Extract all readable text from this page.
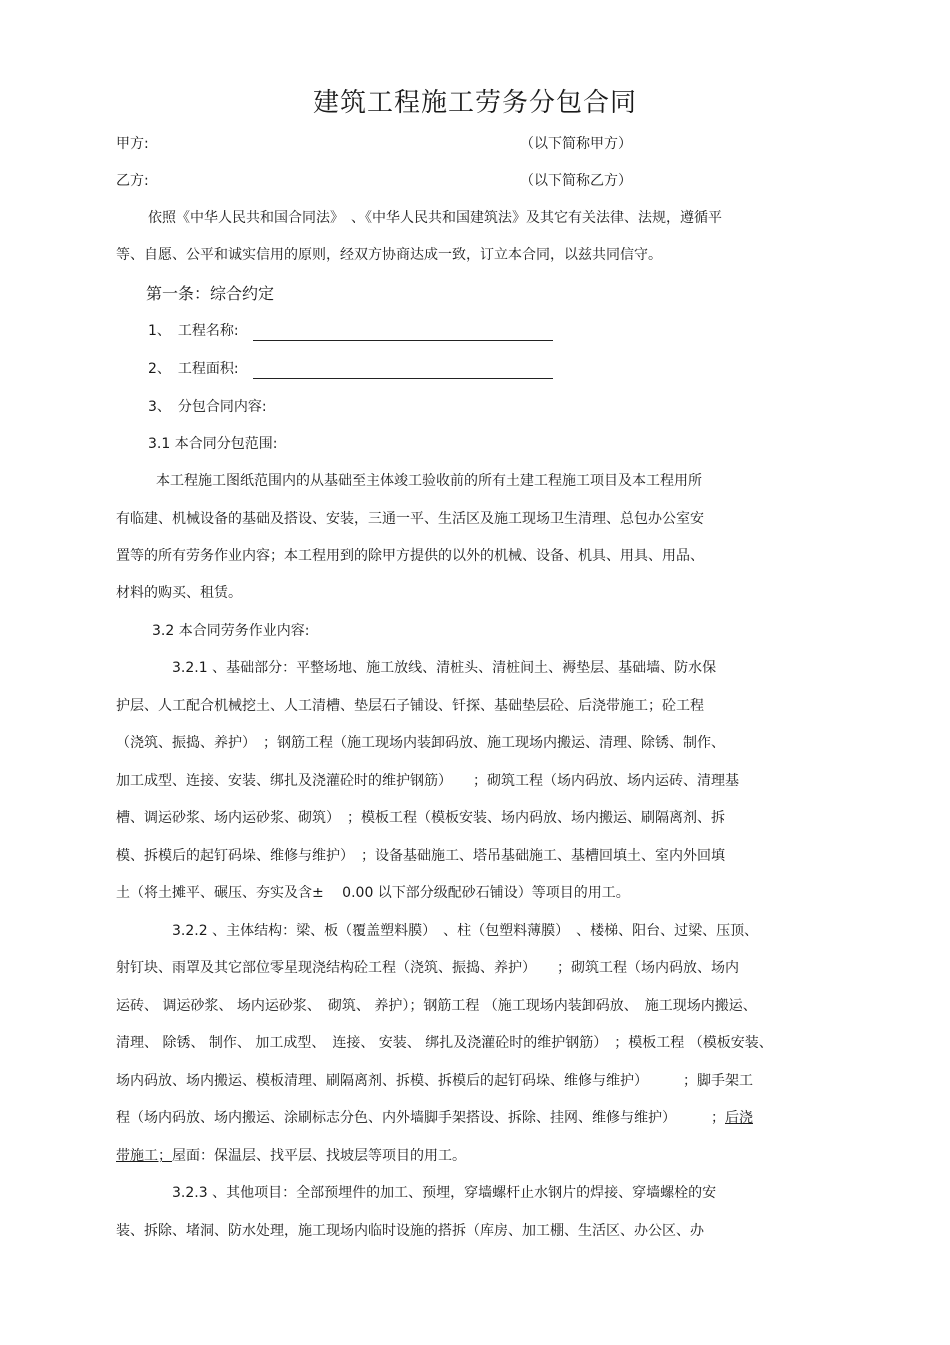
建筑工程施工劳务分包合同
甲方:	（以下简称甲方）
乙方:	（以下简称乙方）
依照《中华人民共和国合同法》　、《中华人民共和国建筑法》及其它有关法律、法规，遵循平
等、自愿、公平和诚实信用的原则，经双方协商达成一致，订立本合同，以兹共同信守。
第一条：综合约定
1、　工程名称:
2、　工程面积:
3、　分包合同内容:
3.1 本合同分包范围:
本工程施工图纸范围内的从基础至主体竣工验收前的所有土建工程施工项目及本工程用所
有临建、机械设备的基础及搭设、安装，三通一平、生活区及施工现场卫生清理、总包办公室安
置等的所有劳务作业内容；本工程用到的除甲方提供的以外的机械、设备、机具、用具、用品、
材料的购买、租赁。
3.2 本合同劳务作业内容:
3.2.1 、基础部分：平整场地、施工放线、清桩头、清桩间土、褥垫层、基础墙、防水保
护层、人工配合机械挖土、人工清槽、垫层石子铺设、钎探、基础垫层砼、后浇带施工；砼工程
（浇筑、振捣、养护）　；钢筋工程（施工现场内装卸码放、施工现场内搬运、清理、除锈、制作、
加工成型、连接、安装、绑扎及浇灌砼时的维护钢筋）　　；砌筑工程（场内码放、场内运砖、清理基
槽、调运砂浆、场内运砂浆、砌筑）　；模板工程（模板安装、场内码放、场内搬运、刷隔离剂、拆
模、拆模后的起钉码垛、维修与维护）　；设备基础施工、塔吊基础施工、基槽回填土、室内外回填
土（将土摊平、碾压、夯实及含±　 0.00 以下部分级配砂石铺设）等项目的用工。
3.2.2 、主体结构：梁、板（覆盖塑料膜）　、柱（包塑料薄膜）　、楼梯、阳台、过梁、压顶、
射钉块、雨罩及其它部位零星现浇结构砼工程（浇筑、振捣、养护）　　；砌筑工程（场内码放、场内
运砖、 调运砂浆、 场内运砂浆、　砌筑、 养护）；钢筋工程 （施工现场内装卸码放、　施工现场内搬运、
清理、 除锈、 制作、 加工成型、　连接、 安装、 绑扎及浇灌砼时的维护钢筋）　；模板工程 （模板安装、
场内码放、场内搬运、模板清理、刷隔离剂、拆模、拆模后的起钉码垛、维修与维护）　　　；脚手架工
程（场内码放、场内搬运、涂刷标志分色、内外墙脚手架搭设、拆除、挂网、维修与维护）　　　；后浇
带施工；屋面：保温层、找平层、找坡层等项目的用工。
3.2.3 、其他项目：全部预埋件的加工、预埋，穿墙螺杆止水钢片的焊接、穿墙螺栓的安
装、拆除、堵洞、防水处理，施工现场内临时设施的搭拆（库房、加工棚、生活区、办公区、办
